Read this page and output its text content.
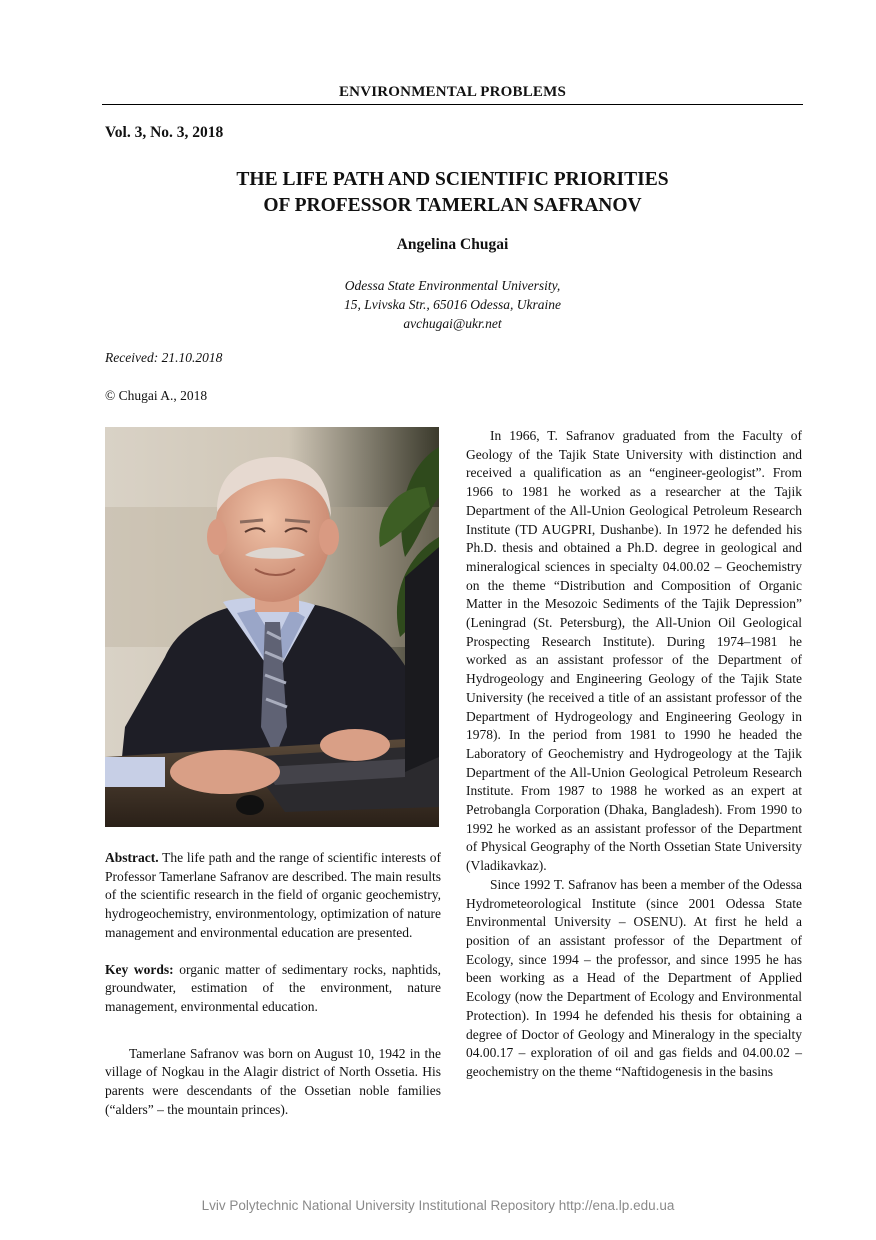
ENVIRONMENTAL PROBLEMS
Vol. 3, No. 3, 2018
THE LIFE PATH AND SCIENTIFIC PRIORITIES
OF PROFESSOR TAMERLAN SAFRANOV
Angelina Chugai
Odessa State Environmental University,
15, Lvivska Str., 65016 Odessa, Ukraine
avchugai@ukr.net
Received: 21.10.2018
© Chugai A., 2018

Abstract. The life path and the range of scientific interests of Professor Tamerlane Safranov are described. The main results of the scientific research in the field of organic geochemistry, hydrogeochemistry, environmentology, optimization of nature management and environmental education are presented.

Key words: organic matter of sedimentary rocks, naphtids, groundwater, estimation of the environment, nature management, environmental education.

Tamerlane Safranov was born on August 10, 1942 in the village of Nogkau in the Alagir district of North Ossetia. His parents were descendants of the Ossetian noble families (“alders” – the mountain princes).

In 1966, T. Safranov graduated from the Faculty of Geology of the Tajik State University with distinction and received a qualification as an “engineer-geologist”. From 1966 to 1981 he worked as a researcher at the Tajik Department of the All-Union Geological Petroleum Research Institute (TD AUGPRI, Dushanbe). In 1972 he defended his Ph.D. thesis and obtained a Ph.D. degree in geological and mineralogical sciences in specialty 04.00.02 – Geochemistry on the theme “Distribution and Composition of Organic Matter in the Mesozoic Sediments of the Tajik Depression” (Leningrad (St. Petersburg), the All-Union Oil Geological Prospecting Research Institute). During 1974–1981 he worked as an assistant professor of the Department of Hydrogeology and Engineering Geology of the Tajik State University (he received a title of an assistant professor of the Department of Hydrogeology and Engineering Geology in 1978). In the period from 1981 to 1990 he headed the Laboratory of Geochemistry and Hydrogeology at the Tajik Department of the All-Union Geological Petroleum Research Institute. From 1987 to 1988 he worked as an expert at Petrobangla Corporation (Dhaka, Bangladesh). From 1990 to 1992 he worked as an assistant professor of the Department of Physical Geography of the North Ossetian State University (Vladikavkaz).

Since 1992 T. Safranov has been a member of the Odessa Hydrometeorological Institute (since 2001 Odessa State Environmental University – OSENU). At first he held a position of an assistant professor of the Department of Ecology, since 1994 – the professor, and since 1995 he has been working as a Head of the Department of Applied Ecology (now the Department of Ecology and Environmental Protection). In 1994 he defended his thesis for obtaining a degree of Doctor of Geology and Mineralogy in the specialty 04.00.17 – exploration of oil and gas fields and 04.00.02 – geochemistry on the theme “Naftidogenesis in the basins

Lviv Polytechnic National University Institutional Repository http://ena.lp.edu.ua
